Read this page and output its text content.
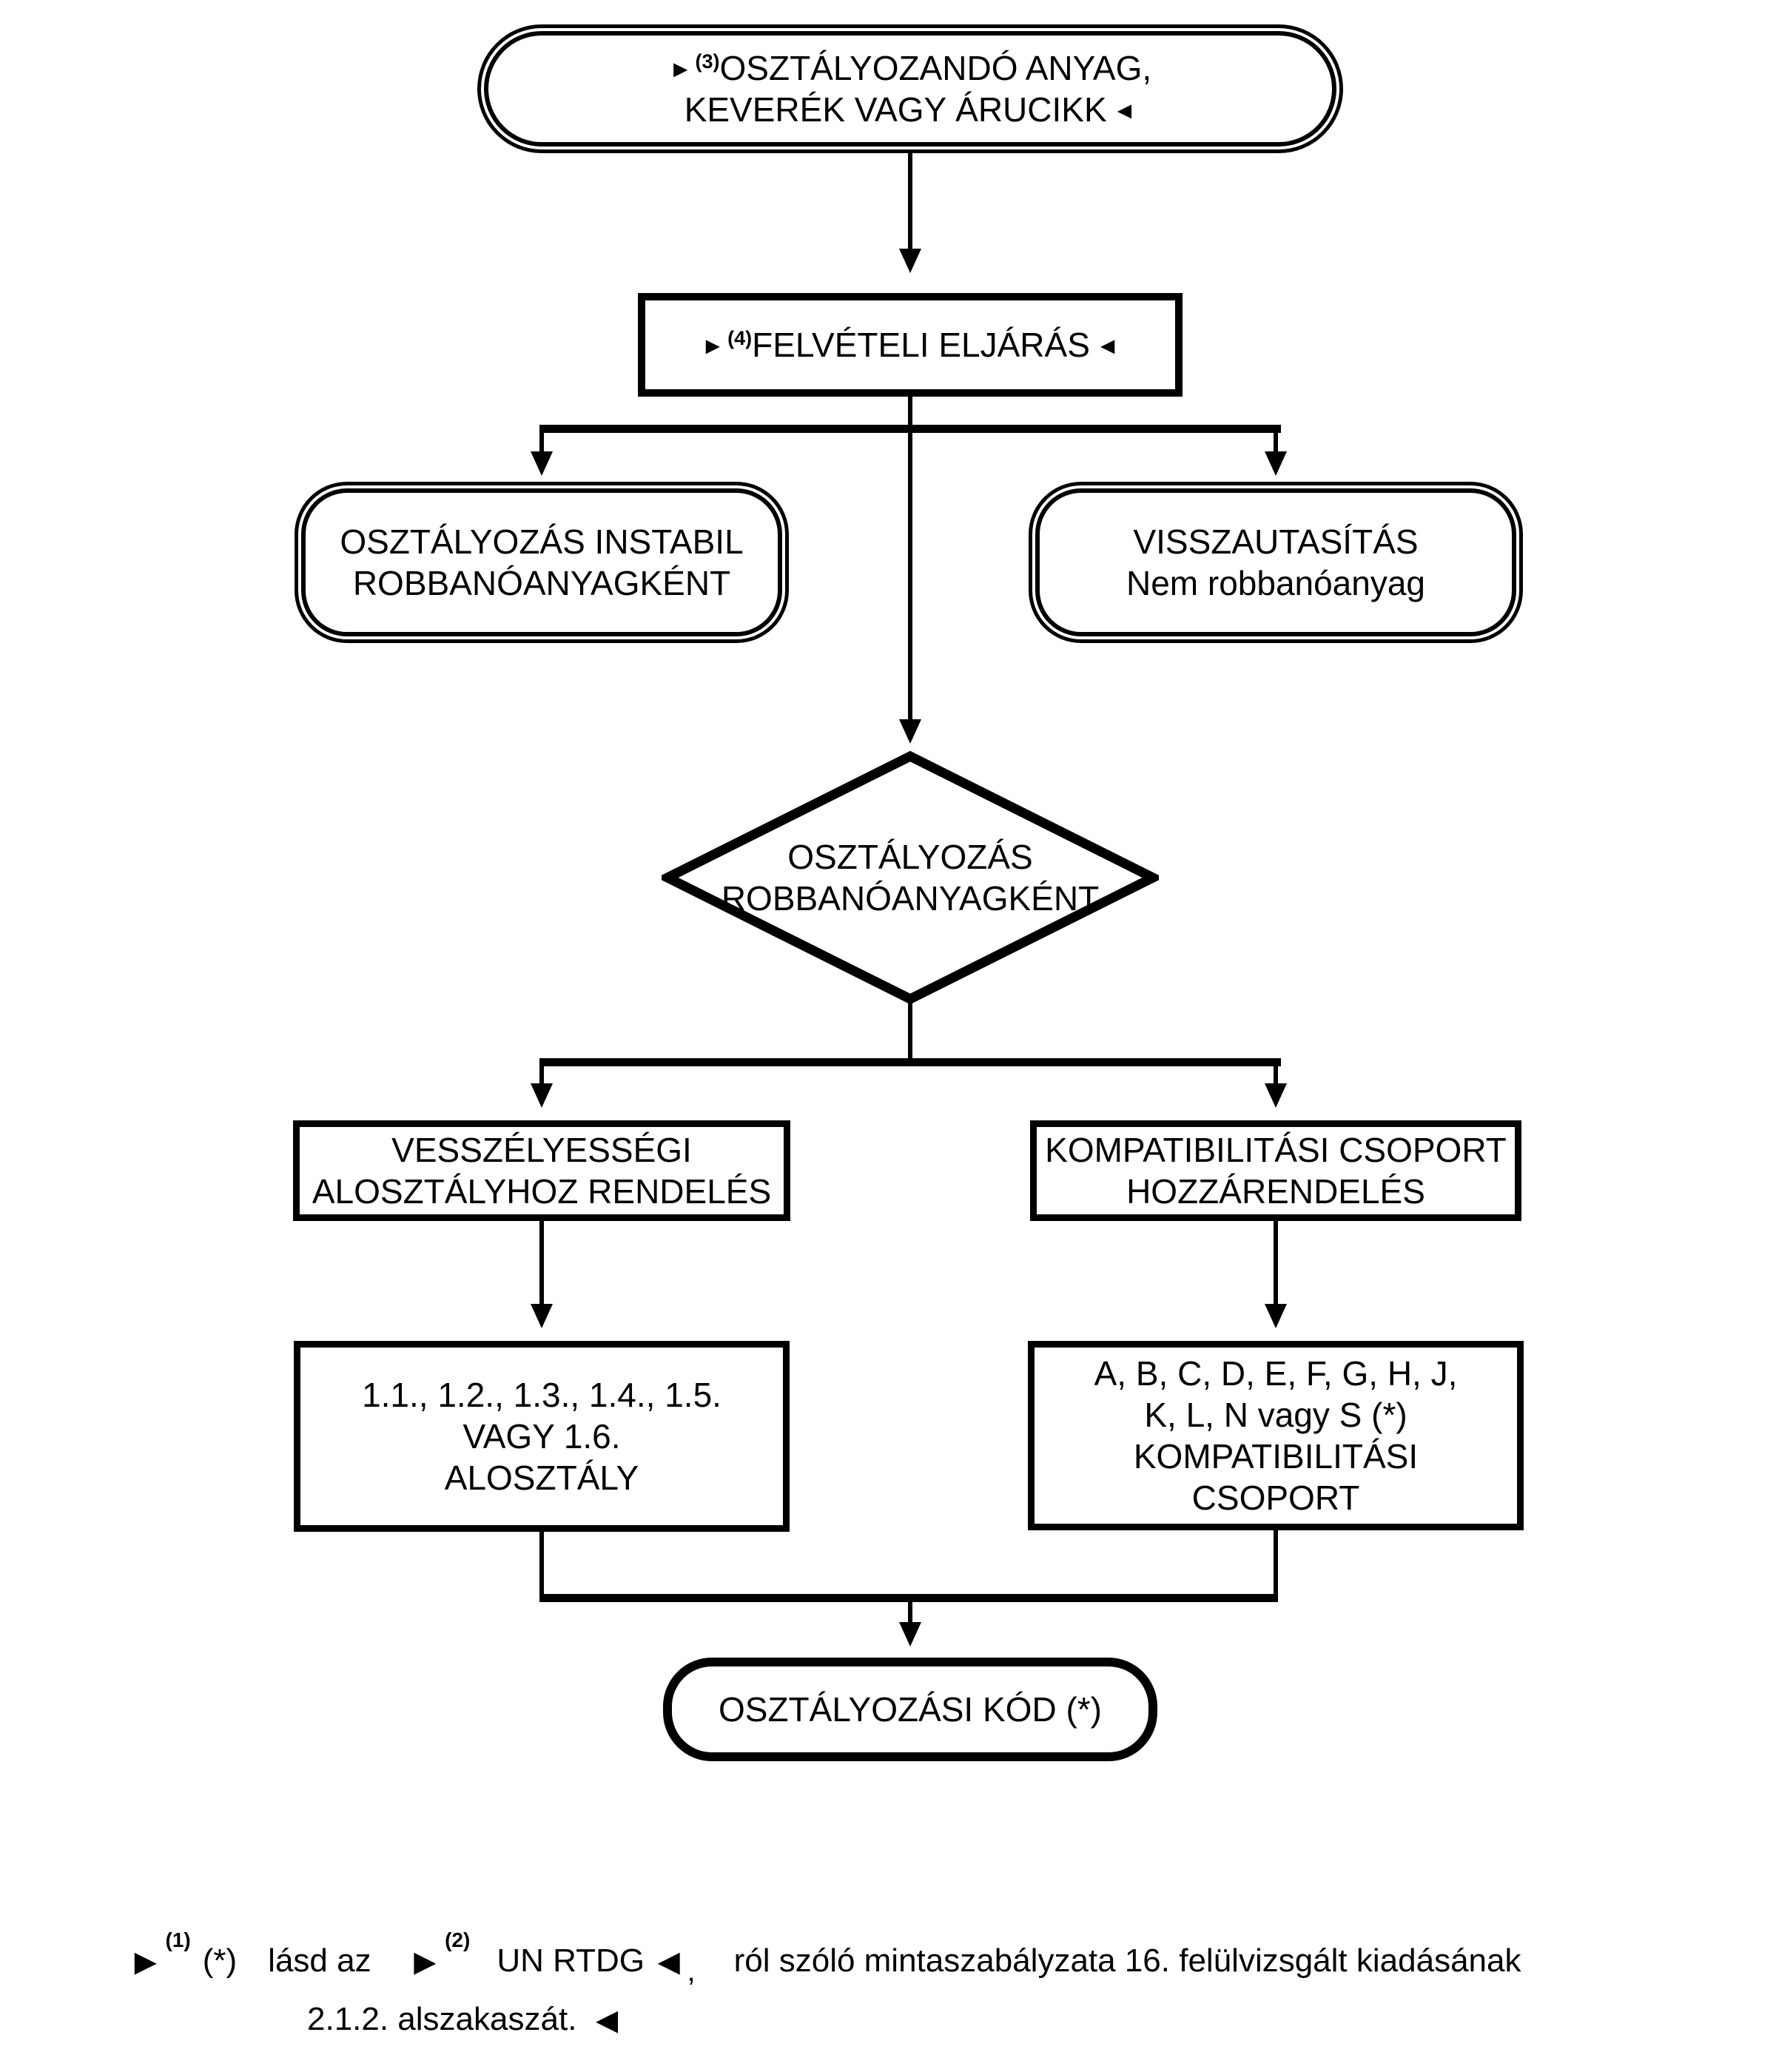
► $^{(3)}$OSZTÁLYOZANDÓ ANYAG,
KEVERÉK VAGY ÁRUCIKK ◄
► $^{(4)}$FELVÉTELI ELJÁRÁS ◄
OSZTÁLYOZÁS INSTABIL
ROBBANÓANYAGKÉNT
VISSZAUTASÍTÁS
Nem robbanóanyag
OSZTÁLYOZÁS
ROBBANÓANYAGKÉNT
VESSZÉLYESSÉGI
ALOSZTÁLYHOZ RENDELÉS
KOMPATIBILITÁSI CSOPORT
HOZZÁRENDELÉS
1.1., 1.2., 1.3., 1.4., 1.5.
VAGY 1.6.
ALOSZTÁLY
A, B, C, D, E, F, G, H, J,
K, L, N vagy S (*)
KOMPATIBILITÁSI
CSOPORT
OSZTÁLYOZÁSI KÓD (*)
►
(1)
(*) lásd az ►
(2)
UN RTDG ◄ , ról szóló mintaszabályzata 16. felülvizsgált kiadásának
2.1.2. alszakaszát. ◄
